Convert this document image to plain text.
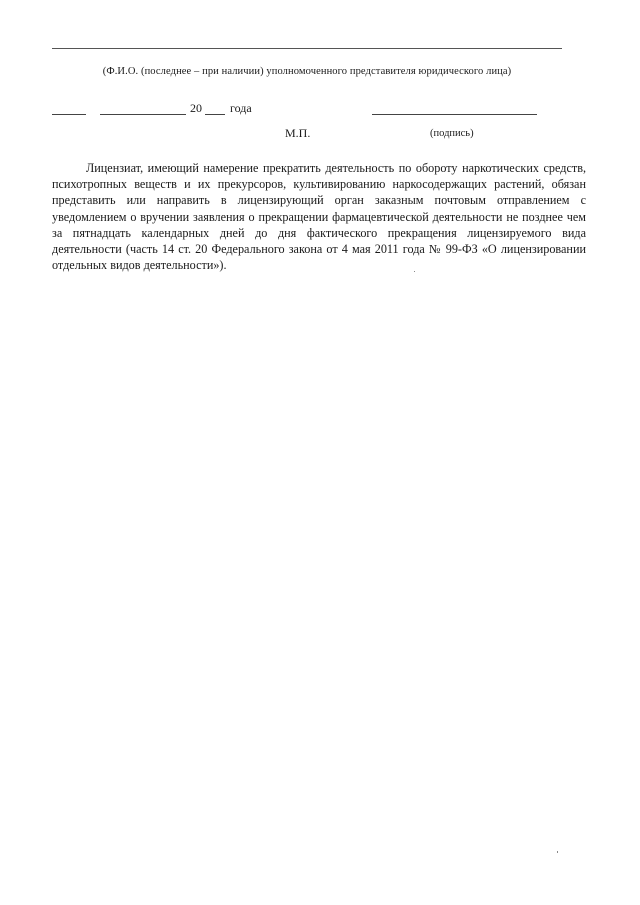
(Ф.И.О. (последнее – при наличии) уполномоченного представителя юридического лица)
20 года
М.П.	(подпись)

Лицензиат, имеющий намерение прекратить деятельность по обороту наркотических средств, психотропных веществ и их прекурсоров, культивированию наркосодержащих растений, обязан представить или направить в лицензирующий орган заказным почтовым отправлением с уведомлением о вручении заявления о прекращении фармацевтической деятельности не позднее чем за пятнадцать календарных дней до дня фактического прекращения лицензируемого вида деятельности (часть 14 ст. 20 Федерального закона от 4 мая 2011 года № 99-ФЗ «О лицензировании отдельных видов деятельности»).
